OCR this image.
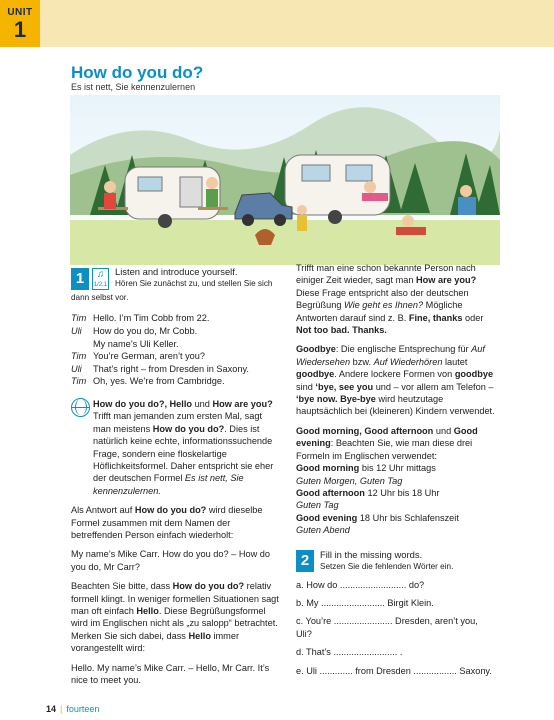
UNIT
1
How do you do?
Es ist nett, Sie kennenzulernen
1	♫
1/2,1
Listen and introduce yourself.
Hören Sie zunächst zu, und stellen Sie sich
dann selbst vor.
Tim Hello. I’m Tim Cobb from 22.
Uli	How do you do, Mr Cobb.
My name’s Uli Keller.
Tim You’re German, aren’t you?
Uli	That’s right – from Dresden in Saxony.
Tim Oh, yes. We’re from Cambridge.
How do you do?, Hello und How are you? Trifft man jemanden zum ersten Mal, sagt man meistens How do you do?. Dies ist natürlich keine echte, informationssuchende Frage, sondern eine floskelartige Höflichkeitsformel. Daher entspricht sie eher der deutschen Formel Es ist nett, Sie kennenzulernen.
Als Antwort auf How do you do? wird dieselbe Formel zusammen mit dem Namen der betreffenden Person einfach wiederholt:
My name’s Mike Carr. How do you do? – How do you do, Mr Carr?
Beachten Sie bitte, dass How do you do? relativ formell klingt. In weniger formellen Situationen sagt man oft einfach Hello. Diese Begrüßungsformel wird im Englischen nicht als „zu salopp“ betrachtet. Merken Sie sich dabei, dass Hello immer vorangestellt wird:
Hello. My name’s Mike Carr. – Hello, Mr Carr. It’s nice to meet you.
Trifft man eine schon bekannte Person nach einiger Zeit wieder, sagt man How are you? Diese Frage entspricht also der deutschen Begrüßung Wie geht es Ihnen? Mögliche Antworten darauf sind z. B. Fine, thanks oder Not too bad. Thanks.
Goodbye: Die englische Entsprechung für Auf Wiedersehen bzw. Auf Wiederhören lautet goodbye. Andere lockere Formen von goodbye sind ‘bye, see you und – vor allem am Telefon – ‘bye now. Bye-bye wird heutzutage hauptsächlich bei (kleineren) Kindern verwendet.
Good morning, Good afternoon und Good evening: Beachten Sie, wie man diese drei Formeln im Englischen verwendet:
Good morning bis 12 Uhr mittags
Guten Morgen, Guten Tag
Good afternoon 12 Uhr bis 18 Uhr
Guten Tag
Good evening 18 Uhr bis Schlafenszeit
Guten Abend
2	Fill in the missing words.
Setzen Sie die fehlenden Wörter ein.
a. How do .......................... do?
b. My ......................... Birgit Klein.
c. You’re ....................... Dresden, aren’t you, Uli?
d. That’s ......................... .
e. Uli ............. from Dresden ................. Saxony.
14 | fourteen
